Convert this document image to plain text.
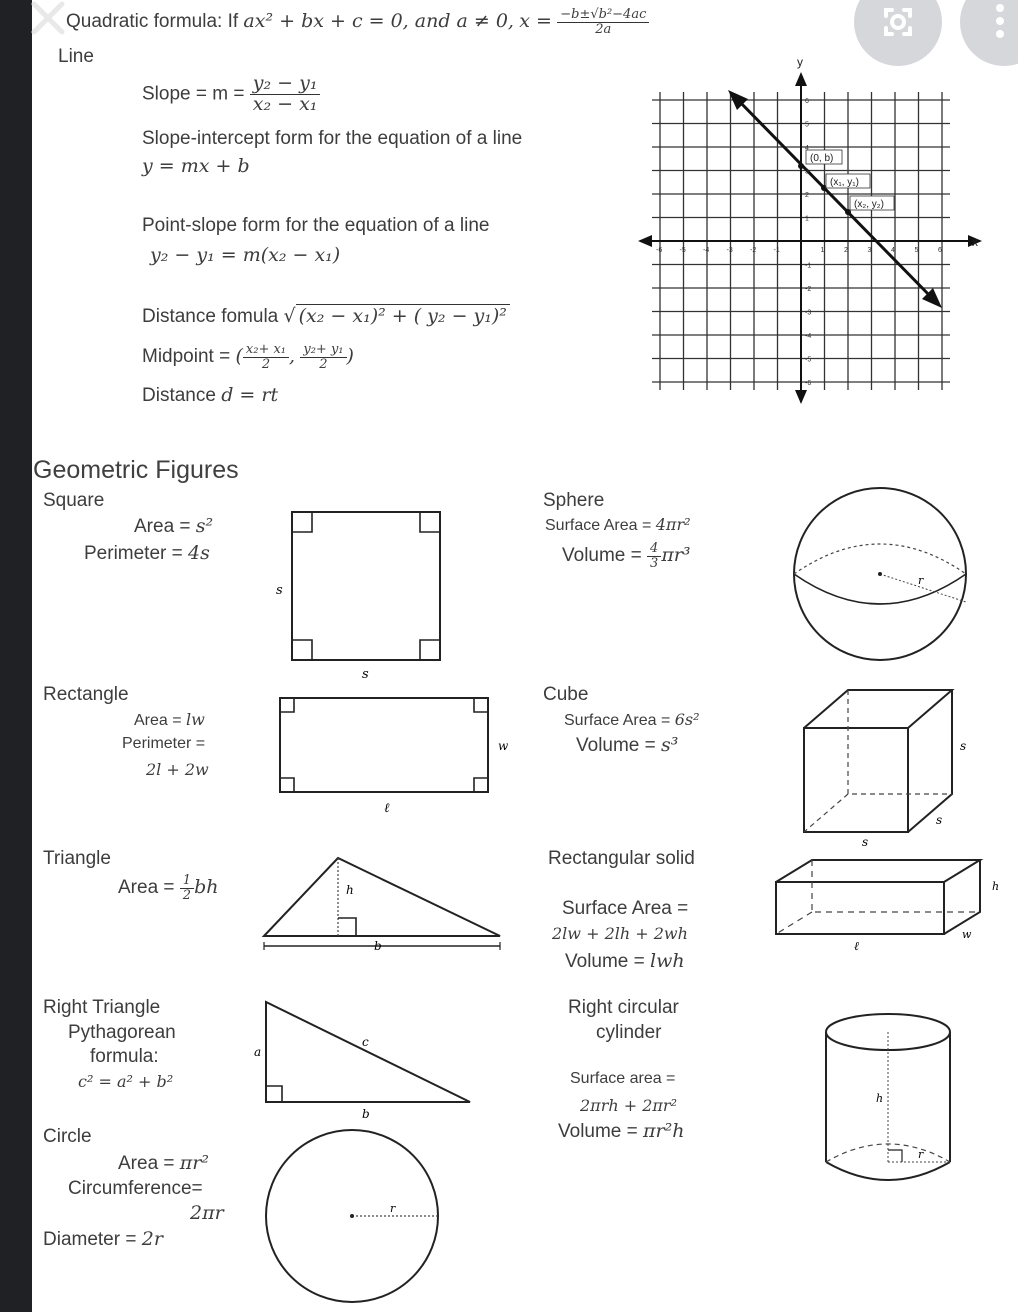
Quadratic formula: If ax² + bx + c = 0, and a ≠ 0, $x = \frac{\text{−b±√b²−4ac}}{2a}$
Line
Slope = $m = \frac{\text{y₂ − y₁}}{\text{x₂ − x₁}}$
Slope-intercept form for the equation of a line
y = mx + b
Point-slope form for the equation of a line
y₂ − y₁ = m(x₂ − x₁)
Distance fomula √ (x₂ − x₁)² + ( y₂ − y₁)²
Midpoint = ( $\frac{\text{x₂+ x₁}}{2}$ , $\frac{\text{y₂+ y₁}}{2}$ )
Distance d = rt
(0, b)
(x₁, y₁)
(x₂, y₂)
x
y
-6 -5 -4 -3 -2 -1	1	2	3	4	5	6
6
5
4
3
2
1
-1
-2
-3
-4
-5
-6
Geometric Figures
Square
Area = s²
Perimeter = 4s
s
s
Rectangle
Area = lw
Perimeter =
2l + 2w
w
ℓ
Triangle
Area = $\frac{1}{2}$ bh	h
b
Right Triangle
Pythagorean
formula:
c² = a² + b²
a
c
b
Circle
Area = πr²
Circumference=
2πr
Diameter = 2r
r
Sphere
Surface Area = 4πr²
Volume = $\frac{4}{3} \pi r^3$
r
Cube
Surface Area = 6s²
Volume = s³	s
s
s
Rectangular solid
Surface Area =
2lw + 2lh + 2wh
Volume = lwh
h
ℓ
w
Right circular
cylinder
Surface area =
2πrh + 2πr²
Volume = πr²h
h
r
